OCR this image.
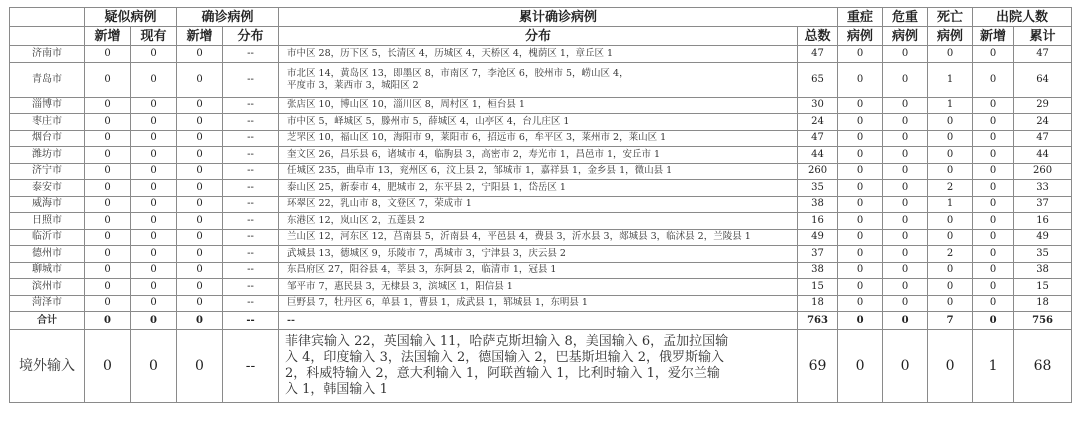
	疑似病例		确诊病例		累计确诊病例		重症	危重	死亡	出院人数	
	新增	现有	新增	分布	分布	总数	病例	病例	病例	新增	累计
济南市	0	0	0	--	市中区 28，历下区 5，长清区 4，历城区 4，天桥区 4，槐荫区 1，章丘区 1	47	0	0	0	0	47
青岛市	0	0	0	--	市北区 14，黄岛区 13，即墨区 8，市南区 7，李沧区 6，胶州市 5，崂山区 4，
平度市 3，莱西市 3，城阳区 2	65	0	0	1	0	64
淄博市	0	0	0	--	张店区 10，博山区 10，淄川区 8，周村区 1，桓台县 1	30	0	0	1	0	29
枣庄市	0	0	0	--	市中区 5，峄城区 5，滕州市 5，薛城区 4，山亭区 4，台儿庄区 1	24	0	0	0	0	24
烟台市	0	0	0	--	芝罘区 10，福山区 10，海阳市 9，莱阳市 6，招远市 6，牟平区 3，莱州市 2，莱山区 1	47	0	0	0	0	47
潍坊市	0	0	0	--	奎文区 26，昌乐县 6，诸城市 4，临朐县 3，高密市 2，寿光市 1，昌邑市 1，安丘市 1	44	0	0	0	0	44
济宁市	0	0	0	--	任城区 235，曲阜市 13，兖州区 6，汶上县 2，邹城市 1，嘉祥县 1，金乡县 1，微山县 1	260	0	0	0	0	260
泰安市	0	0	0	--	泰山区 25，新泰市 4，肥城市 2，东平县 2，宁阳县 1，岱岳区 1	35	0	0	2	0	33
威海市	0	0	0	--	环翠区 22，乳山市 8，文登区 7，荣成市 1	38	0	0	1	0	37
日照市	0	0	0	--	东港区 12，岚山区 2，五莲县 2	16	0	0	0	0	16
临沂市	0	0	0	--	兰山区 12，河东区 12，莒南县 5，沂南县 4，平邑县 4，费县 3，沂水县 3，郯城县 3，临沭县 2，兰陵县 1	49	0	0	0	0	49
德州市	0	0	0	--	武城县 13，德城区 9，乐陵市 7，禹城市 3，宁津县 3，庆云县 2	37	0	0	2	0	35
聊城市	0	0	0	--	东昌府区 27，阳谷县 4，莘县 3，东阿县 2，临清市 1，冠县 1	38	0	0	0	0	38
滨州市	0	0	0	--	邹平市 7，惠民县 3，无棣县 3，滨城区 1，阳信县 1	15	0	0	0	0	15
菏泽市	0	0	0	--	巨野县 7，牡丹区 6，单县 1，曹县 1，成武县 1，郓城县 1，东明县 1	18	0	0	0	0	18
合计	0	0	0	--	--	763	0	0	7	0	756
境外输入	0	0	0	--	菲律宾输入 22，英国输入 11，哈萨克斯坦输入 8，美国输入 6，孟加拉国输
入 4，印度输入 3，法国输入 2，德国输入 2，巴基斯坦输入 2，俄罗斯输入
2，科威特输入 2，意大利输入 1，阿联酋输入 1，比利时输入 1，爱尔兰输
入 1，韩国输入 1	69	0	0	0	1	68
